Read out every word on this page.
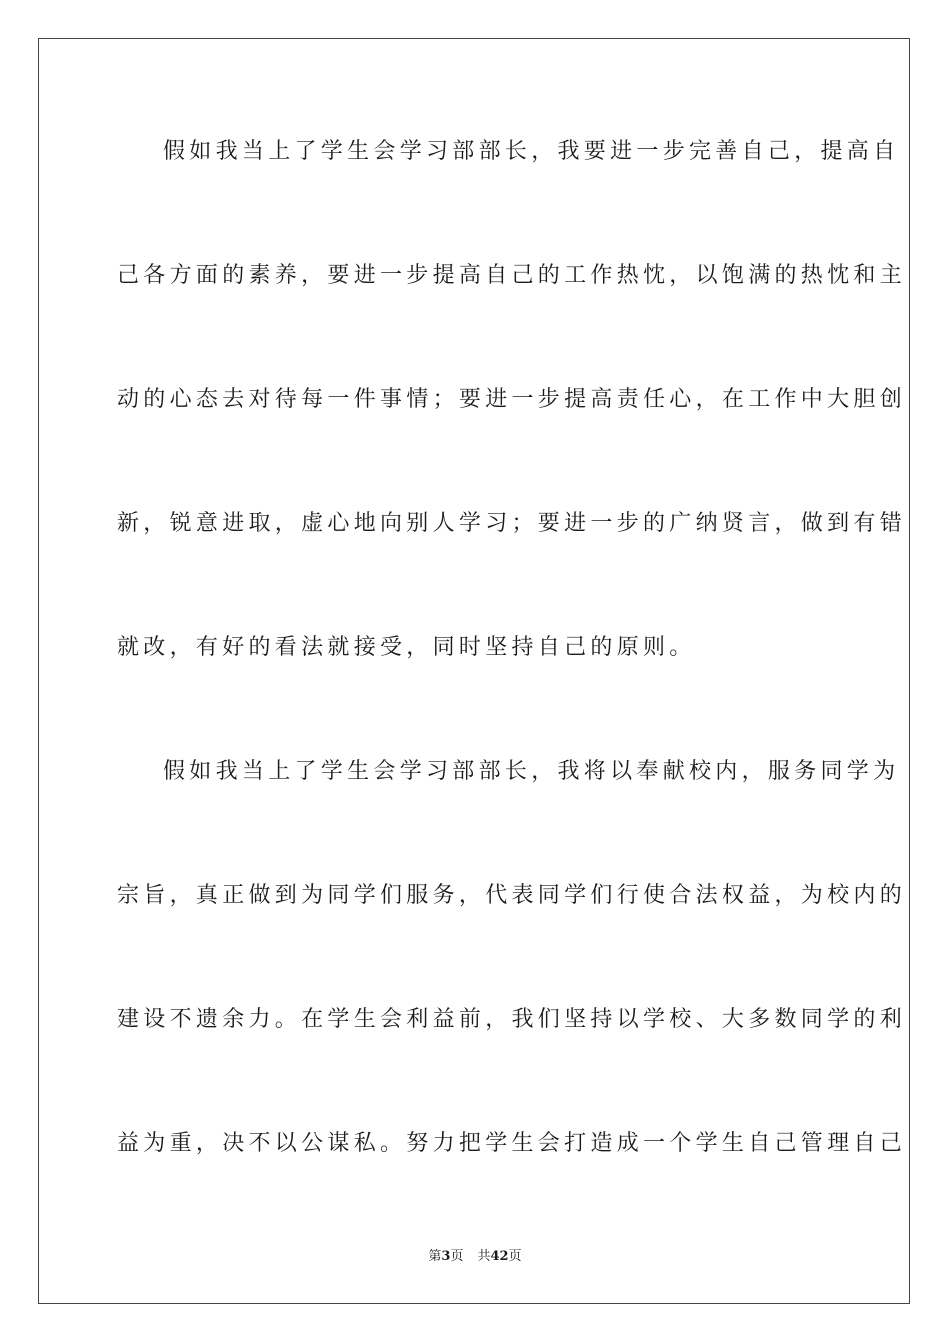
假如我当上了学生会学习部部长，我要进一步完善自己，提高自
己各方面的素养，要进一步提高自己的工作热忱，以饱满的热忱和主
动的心态去对待每一件事情；要进一步提高责任心，在工作中大胆创
新，锐意进取，虚心地向别人学习；要进一步的广纳贤言，做到有错
就改，有好的看法就接受，同时坚持自己的原则。
假如我当上了学生会学习部部长，我将以奉献校内，服务同学为
宗旨，真正做到为同学们服务，代表同学们行使合法权益，为校内的
建设不遗余力。在学生会利益前，我们坚持以学校、大多数同学的利
益为重，决不以公谋私。努力把学生会打造成一个学生自己管理自己
第3页 共42页
